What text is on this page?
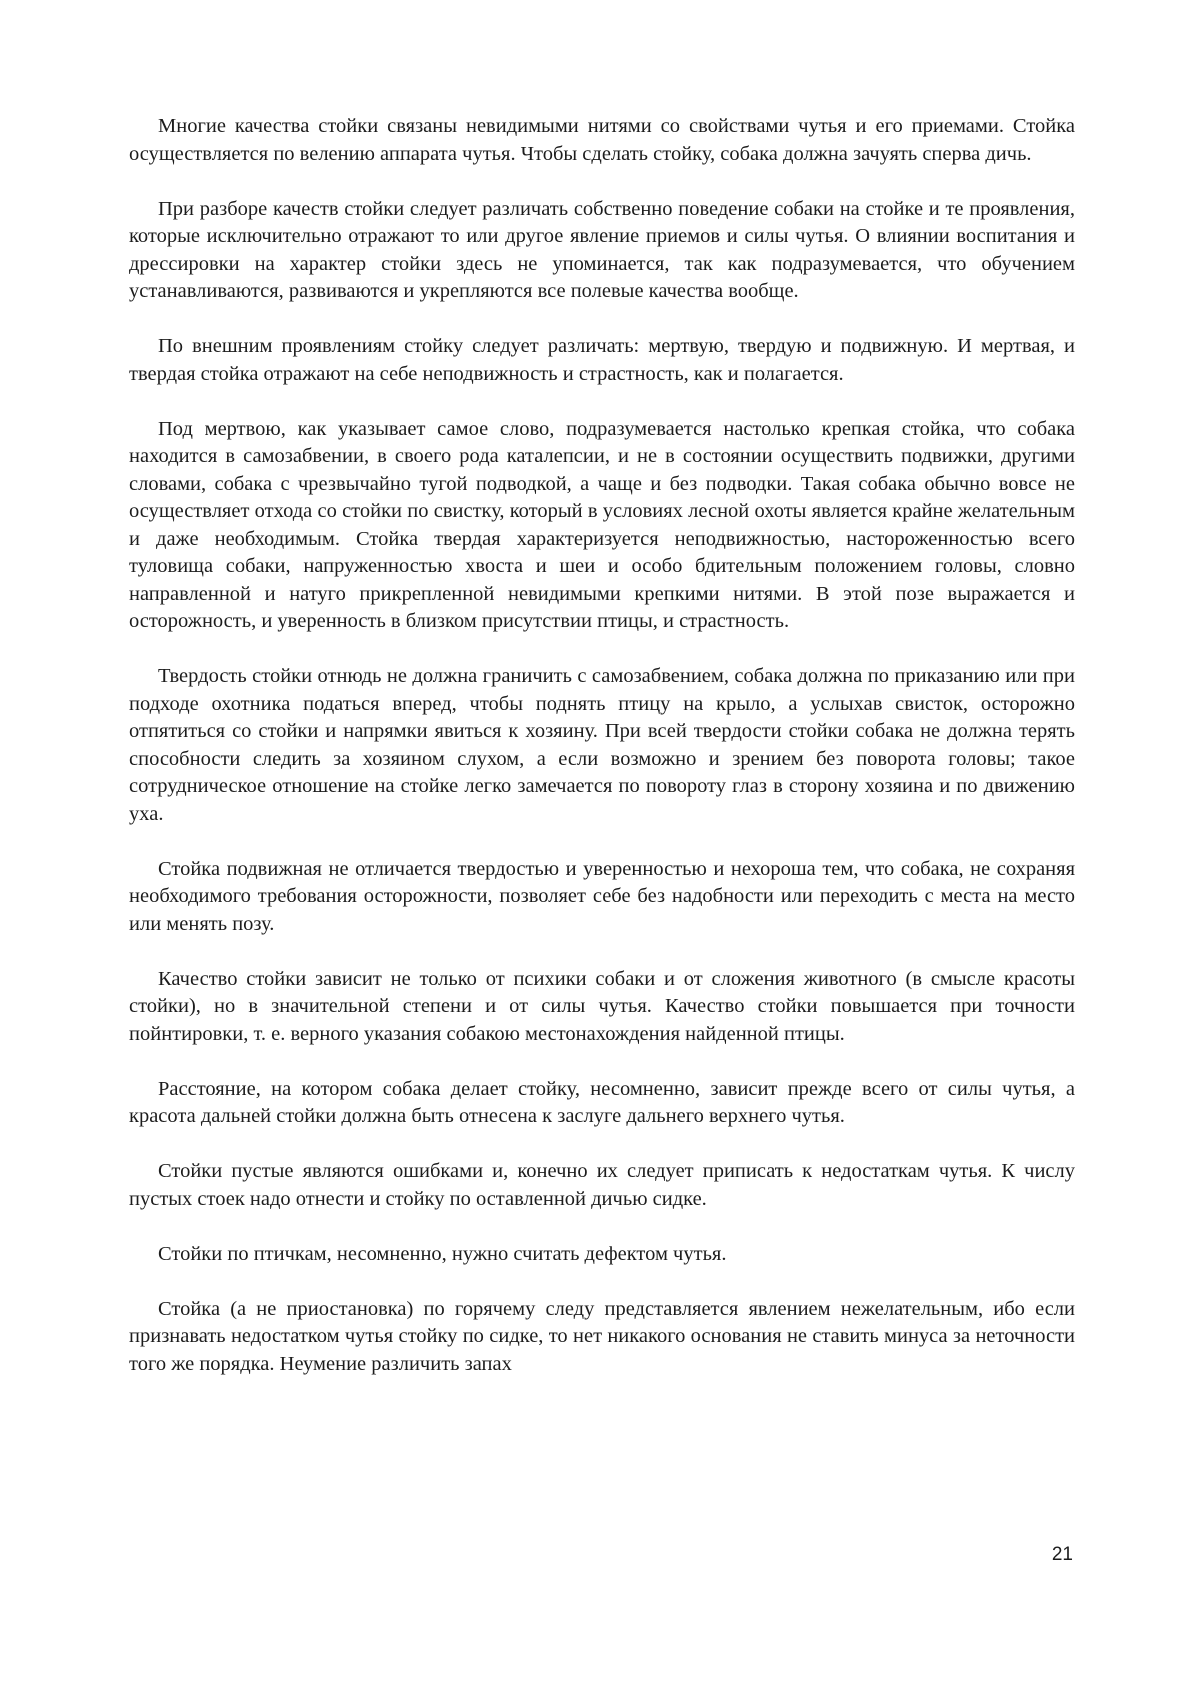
Многие качества стойки связаны невидимыми нитями со свойствами чутья и его приемами. Стойка осуществляется по велению аппарата чутья. Чтобы сделать стойку, собака должна зачуять сперва дичь.

При разборе качеств стойки следует различать собственно поведение собаки на стойке и те проявления, которые исключительно отражают то или другое явление приемов и силы чутья. О влиянии воспитания и дрессировки на характер стойки здесь не упоминается, так как подразумевается, что обучением устанавливаются, развиваются и укрепляются все полевые качества вообще.

По внешним проявлениям стойку следует различать: мертвую, твердую и подвижную. И мертвая, и твердая стойка отражают на себе неподвижность и страстность, как и полагается.

Под мертвою, как указывает самое слово, подразумевается настолько крепкая стойка, что собака находится в самозабвении, в своего рода каталепсии, и не в состоянии осуществить подвижки, другими словами, собака с чрезвычайно тугой подводкой, а чаще и без подводки. Такая собака обычно вовсе не осуществляет отхода со стойки по свистку, который в условиях лесной охоты является крайне желательным и даже необходимым. Стойка твердая характеризуется неподвижностью, настороженностью всего туловища собаки, напруженностью хвоста и шеи и особо бдительным положением головы, словно направленной и натуго прикрепленной невидимыми крепкими нитями. В этой позе выражается и осторожность, и уверенность в близком присутствии птицы, и страстность.

Твердость стойки отнюдь не должна граничить с самозабвением, собака должна по приказанию или при подходе охотника податься вперед, чтобы поднять птицу на крыло, а услыхав свисток, осторожно отпятиться со стойки и напрямки явиться к хозяину. При всей твердости стойки собака не должна терять способности следить за хозяином слухом, а если возможно и зрением без поворота головы; такое сотрудническое отношение на стойке легко замечается по повороту глаз в сторону хозяина и по движению уха.

Стойка подвижная не отличается твердостью и уверенностью и нехороша тем, что собака, не сохраняя необходимого требования осторожности, позволяет себе без надобности или переходить с места на место или менять позу.

Качество стойки зависит не только от психики собаки и от сложения животного (в смысле красоты стойки), но в значительной степени и от силы чутья. Качество стойки повышается при точности пойнтировки, т. е. верного указания собакою местонахождения найденной птицы.

Расстояние, на котором собака делает стойку, несомненно, зависит прежде всего от силы чутья, а красота дальней стойки должна быть отнесена к заслуге дальнего верхнего чутья.

Стойки пустые являются ошибками и, конечно их следует приписать к недостаткам чутья. К числу пустых стоек надо отнести и стойку по оставленной дичью сидке.

Стойки по птичкам, несомненно, нужно считать дефектом чутья.

Стойка (а не приостановка) по горячему следу представляется явлением нежелательным, ибо если признавать недостатком чутья стойку по сидке, то нет никакого основания не ставить минуса за неточности того же порядка. Неумение различить запах

21
